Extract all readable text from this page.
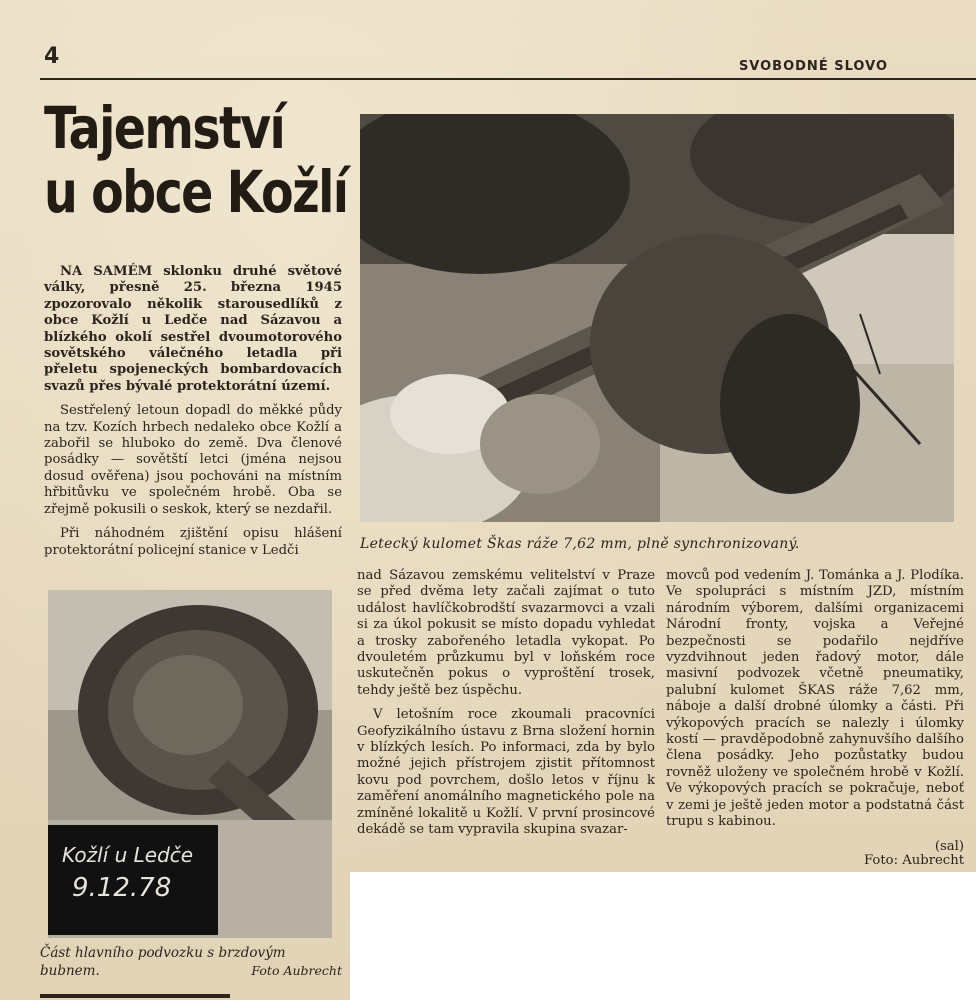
4	SVOBODNÉ SLOVO
Tajemství
u obce Kožlí

NA SAMÉM sklonku druhé světové války, přesně 25. března 1945 zpozorovalo několik starousedlíků z obce Kožlí u Ledče nad Sázavou a blízkého okolí sestřel dvoumotorového sovětského válečného letadla při přeletu spojeneckých bombardovacích svazů přes bývalé protektorátní území.

Sestřelený letoun dopadl do měkké půdy na tzv. Kozích hrbech nedaleko obce Kožlí a zabořil se hluboko do země. Dva členové posádky — sovětští letci (jména nejsou dosud ověřena) jsou pochováni na místním hřbitůvku ve společném hrobě. Oba se zřejmě pokusili o seskok, který se nezdařil.

Při náhodném zjištění opisu hlášení protektorátní policejní stanice v Ledči	Letecký kulomet Škas ráže 7,62 mm, plně synchronizovaný.
Kožlí u Ledče
9.12.78
Část hlavního podvozku s brzdovým bubnem.	Foto Aubrecht

nad Sázavou zemskému velitelství v Praze se před dvěma lety začali zajímat o tuto událost havlíčkobrodští svazarmovci a vzali si za úkol pokusit se místo dopadu vyhledat a trosky zabořeného letadla vykopat. Po dvouletém průzkumu byl v loňském roce uskutečněn pokus o vyproštění trosek, tehdy ještě bez úspěchu.

V letošním roce zkoumali pracovníci Geofyzikálního ústavu z Brna složení hornin v blízkých lesích. Po informaci, zda by bylo možné jejich přístrojem zjistit přítomnost kovu pod povrchem, došlo letos v říjnu k zaměření anomálního magnetického pole na zmíněné lokalitě u Kožlí. V první prosincové dekádě se tam vypravila skupina svazar-

movců pod vedením J. Tománka a J. Plodíka. Ve spolupráci s místním JZD, místním národním výborem, dalšími organizacemi Národní fronty, vojska a Veřejné bezpečnosti se podařilo nejdříve vyzdvihnout jeden řadový motor, dále masivní podvozek včetně pneumatiky, palubní kulomet ŠKAS ráže 7,62 mm, náboje a další drobné úlomky a části. Při výkopových pracích se nalezly i úlomky kostí — pravděpodobně zahynuvšího dalšího člena posádky. Jeho pozůstatky budou rovněž uloženy ve společném hrobě v Kožlí. Ve výkopových pracích se pokračuje, neboť v zemi je ještě jeden motor a podstatná část trupu s kabinou.

(sal)
Foto: Aubrecht
